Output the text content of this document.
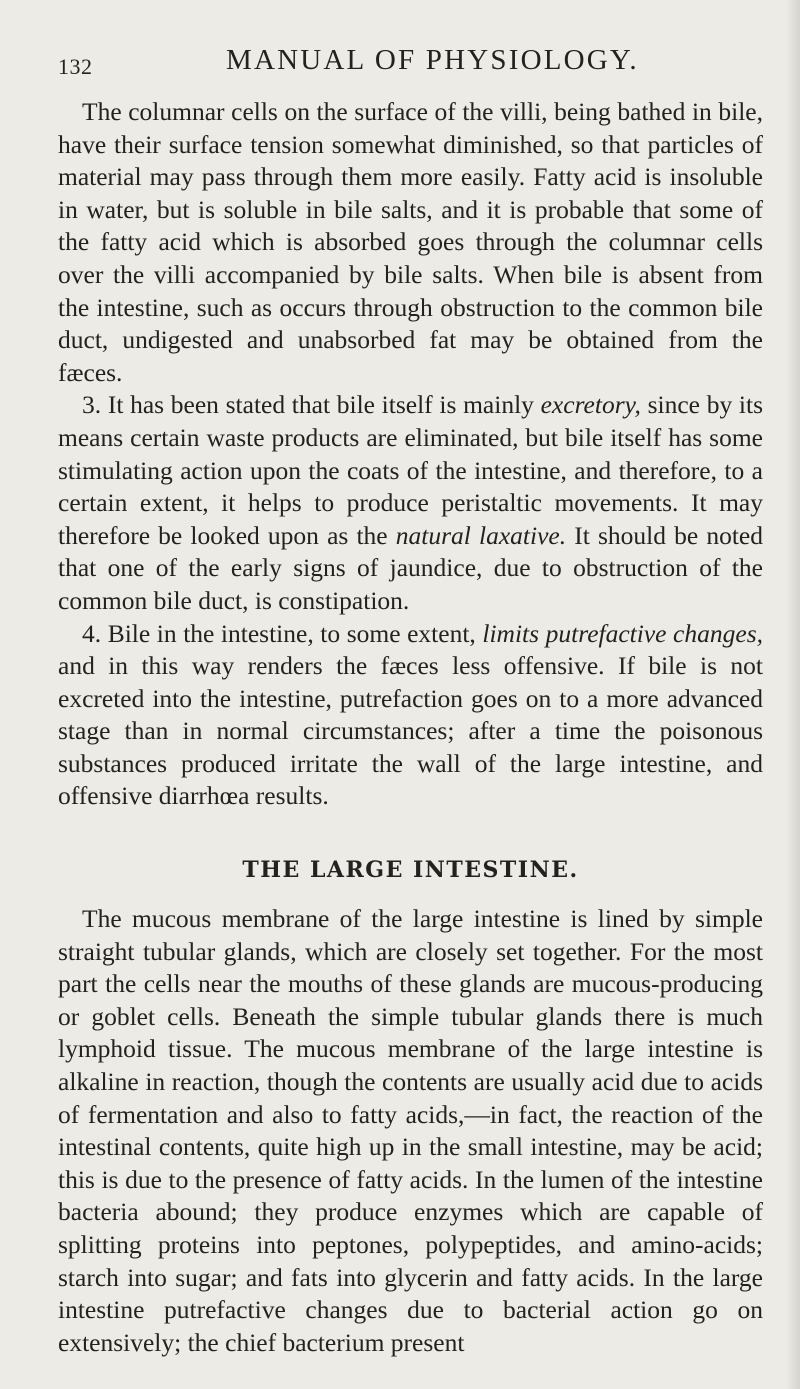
132	MANUAL OF PHYSIOLOGY.

The columnar cells on the surface of the villi, being bathed in bile, have their surface tension somewhat diminished, so that particles of material may pass through them more easily. Fatty acid is insoluble in water, but is soluble in bile salts, and it is probable that some of the fatty acid which is absorbed goes through the columnar cells over the villi accompanied by bile salts. When bile is absent from the intestine, such as occurs through obstruction to the common bile duct, undigested and unabsorbed fat may be obtained from the fæces.

3. It has been stated that bile itself is mainly excretory, since by its means certain waste products are eliminated, but bile itself has some stimulating action upon the coats of the intestine, and therefore, to a certain extent, it helps to produce peristaltic movements. It may therefore be looked upon as the natural laxative. It should be noted that one of the early signs of jaundice, due to obstruction of the common bile duct, is constipation.

4. Bile in the intestine, to some extent, limits putrefactive changes, and in this way renders the fæces less offensive. If bile is not excreted into the intestine, putrefaction goes on to a more advanced stage than in normal circumstances; after a time the poisonous substances produced irritate the wall of the large intestine, and offensive diarrhœa results.

THE LARGE INTESTINE.

The mucous membrane of the large intestine is lined by simple straight tubular glands, which are closely set together. For the most part the cells near the mouths of these glands are mucous-producing or goblet cells. Beneath the simple tubular glands there is much lymphoid tissue. The mucous membrane of the large intestine is alkaline in reaction, though the contents are usually acid due to acids of fermentation and also to fatty acids,—in fact, the reaction of the intestinal contents, quite high up in the small intestine, may be acid; this is due to the presence of fatty acids. In the lumen of the intestine bacteria abound; they produce enzymes which are capable of splitting proteins into peptones, polypeptides, and amino-acids; starch into sugar; and fats into glycerin and fatty acids. In the large intestine putrefactive changes due to bacterial action go on extensively; the chief bacterium present
